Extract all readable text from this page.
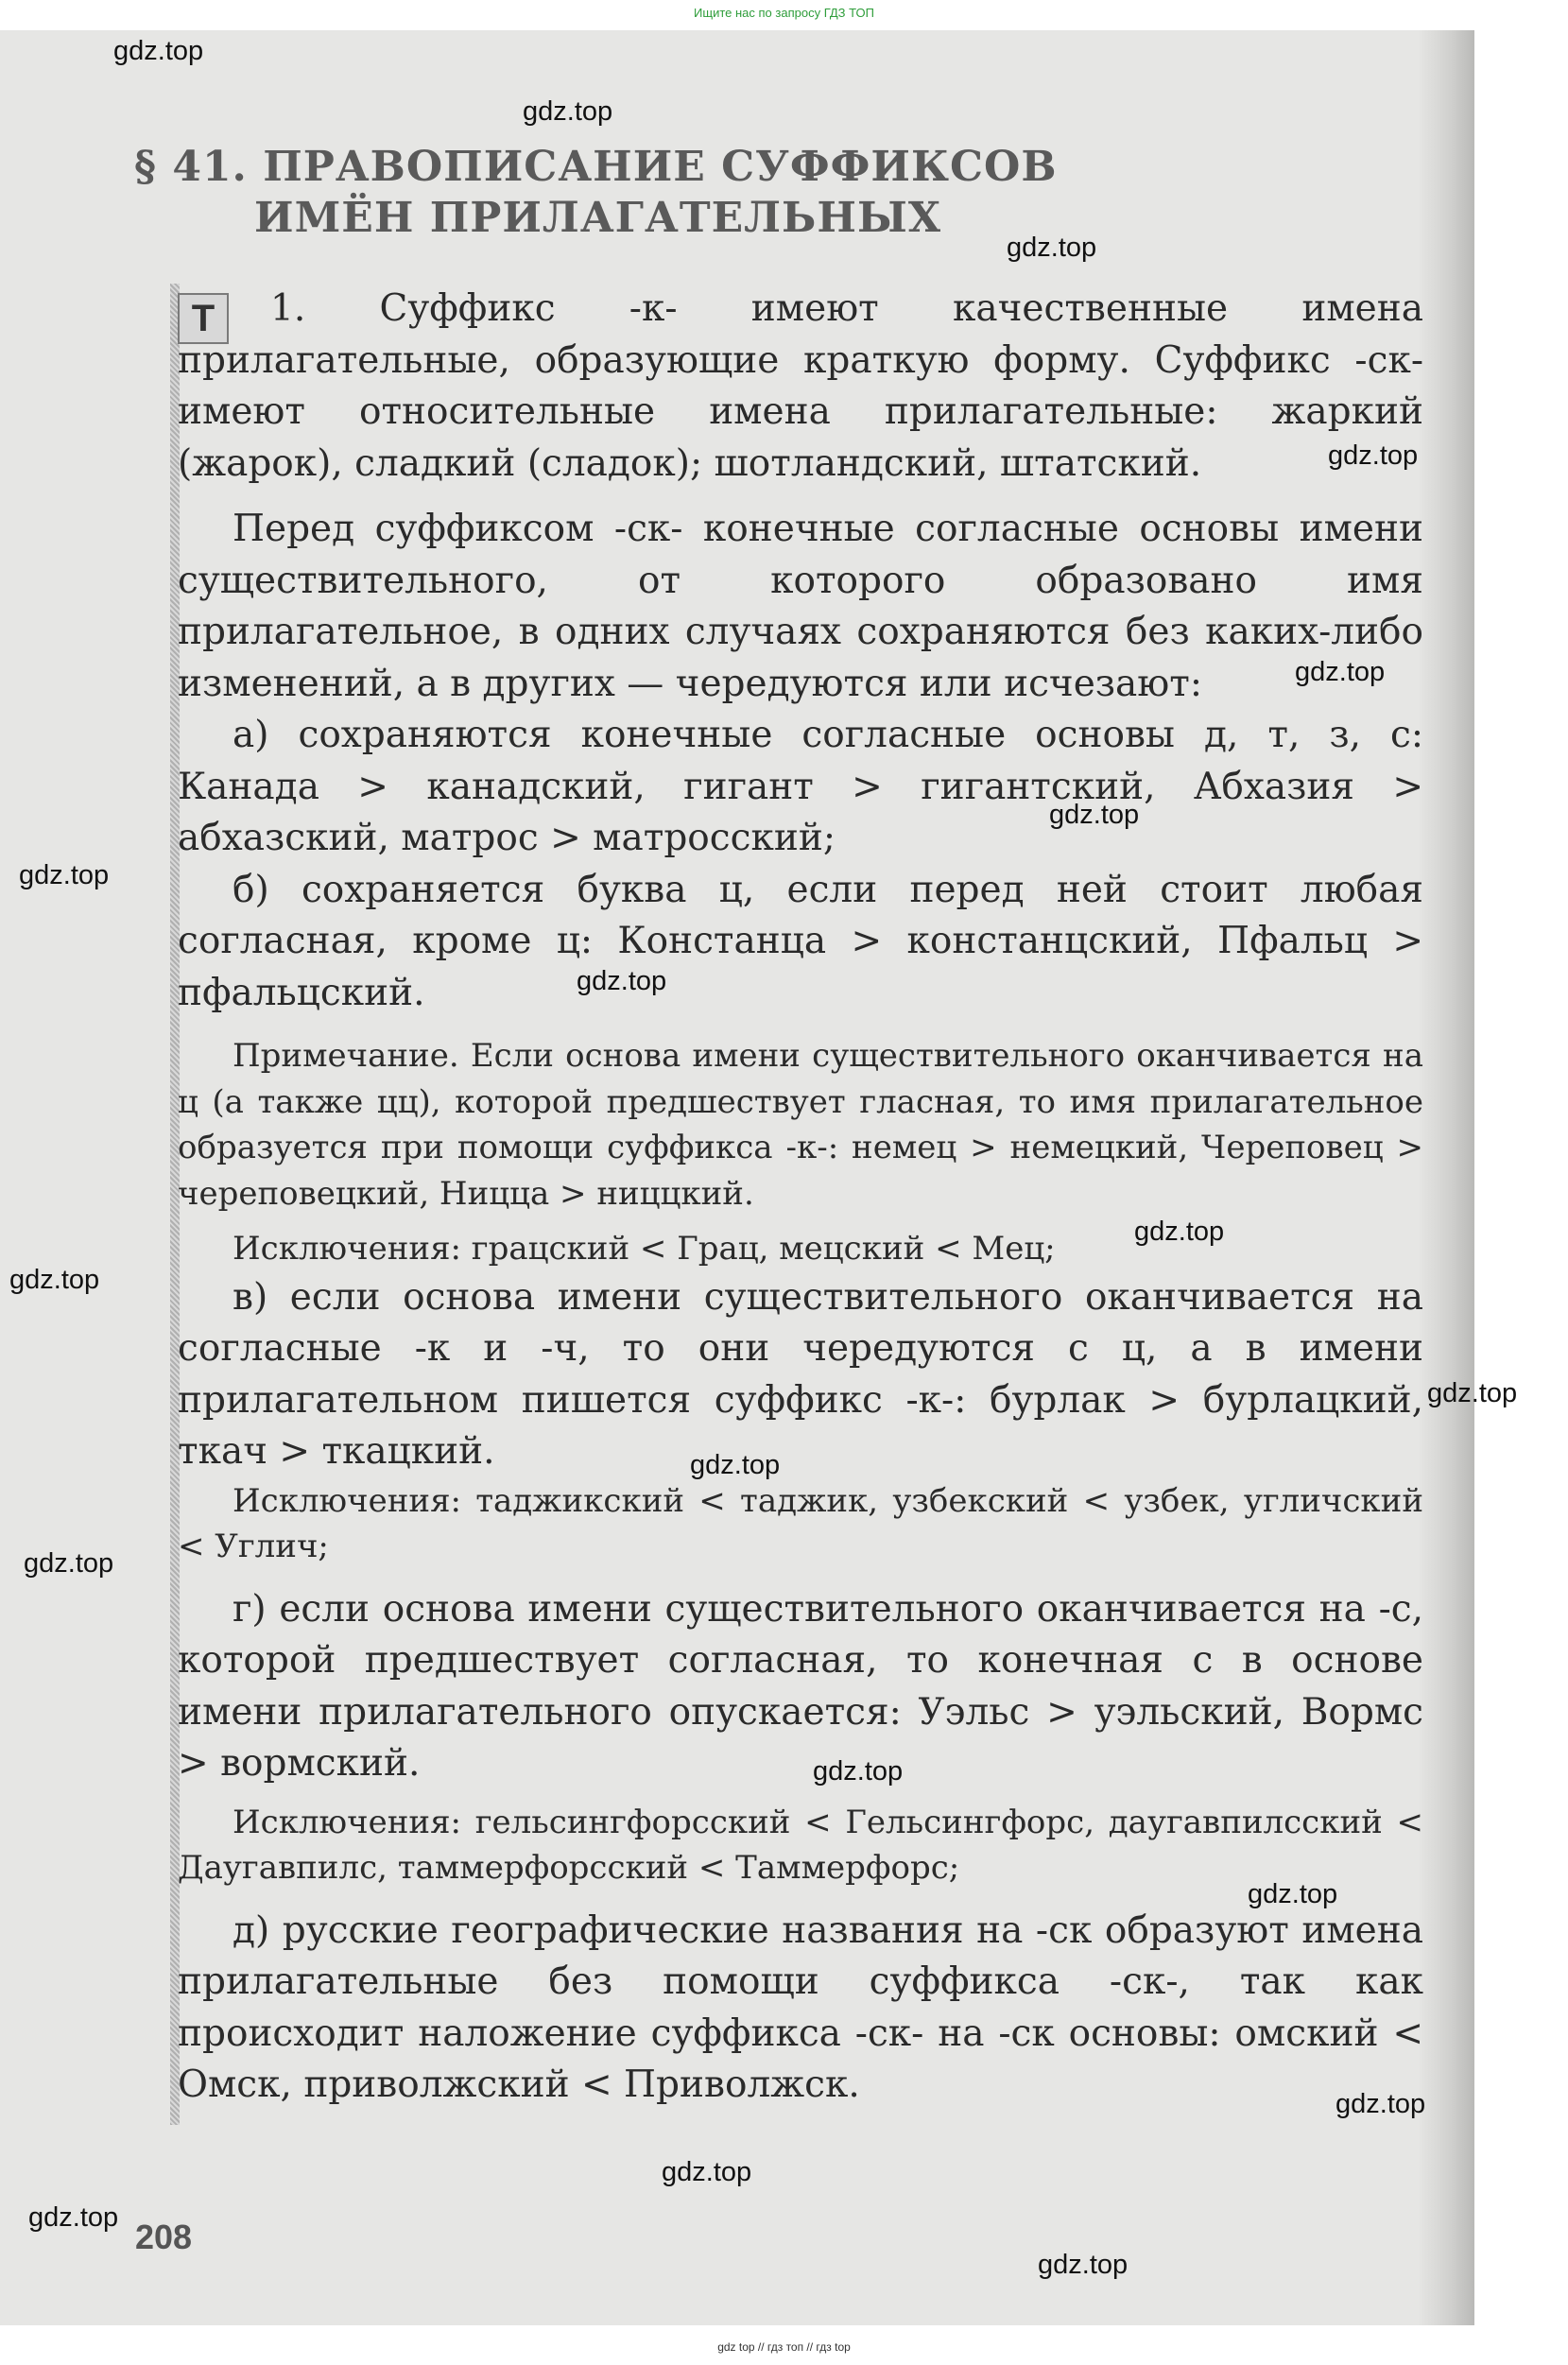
Ищите нас по запросу ГДЗ ТОП
§ 41. ПРАВОПИСАНИЕ СУФФИКСОВ
ИМЁН ПРИЛАГАТЕЛЬНЫХ
Т	1. Суффикс -к- имеют качественные имена прилагательные, образующие краткую форму. Суффикс -ск- имеют относительные имена прилагательные: жаркий (жарок), сладкий (сладок); шотландский, штатский.

Перед суффиксом -ск- конечные согласные основы имени существительного, от которого образовано имя прилагательное, в одних случаях сохраняются без каких-либо изменений, а в других — чередуются или исчезают:

а) сохраняются конечные согласные основы д, т, з, с: Канада > канадский, гигант > гигантский, Абхазия > абхазский, матрос > матросский;

б) сохраняется буква ц, если перед ней стоит любая согласная, кроме ц: Констанца > констанцский, Пфальц > пфальцский.

Примечание. Если основа имени существительного оканчивается на ц (а также цц), которой предшествует гласная, то имя прилагательное образуется при помощи суффикса -к-: немец > немецкий, Череповец > череповецкий, Ницца > ниццкий.

Исключения: грацский < Грац, мецский < Мец;

в) если основа имени существительного оканчивается на согласные -к и -ч, то они чередуются с ц, а в имени прилагательном пишется суффикс -к-: бурлак > бурлацкий, ткач > ткацкий.

Исключения: таджикский < таджик, узбекский < узбек, угличский < Углич;

г) если основа имени существительного оканчивается на -с, которой предшествует согласная, то конечная с в основе имени прилагательного опускается: Уэльс > уэльский, Вормс > вормский.

Исключения: гельсингфорсский < Гельсингфорс, даугавпилсский < Даугавпилс, таммерфорсский < Таммерфорс;

д) русские географические названия на -ск образуют имена прилагательные без помощи суффикса -ск-, так как происходит наложение суффикса -ск- на -ск основы: омский < Омск, приволжский < Приволжск.

208
gdz.top
gdz.top
gdz.top
gdz.top
gdz.top
gdz.top
gdz.top
gdz.top
gdz.top
gdz.top
gdz.top
gdz.top
gdz.top
gdz.top
gdz.top
gdz.top
gdz.top
gdz.top
gdz.top
gdz top // гдз топ // гдз top
